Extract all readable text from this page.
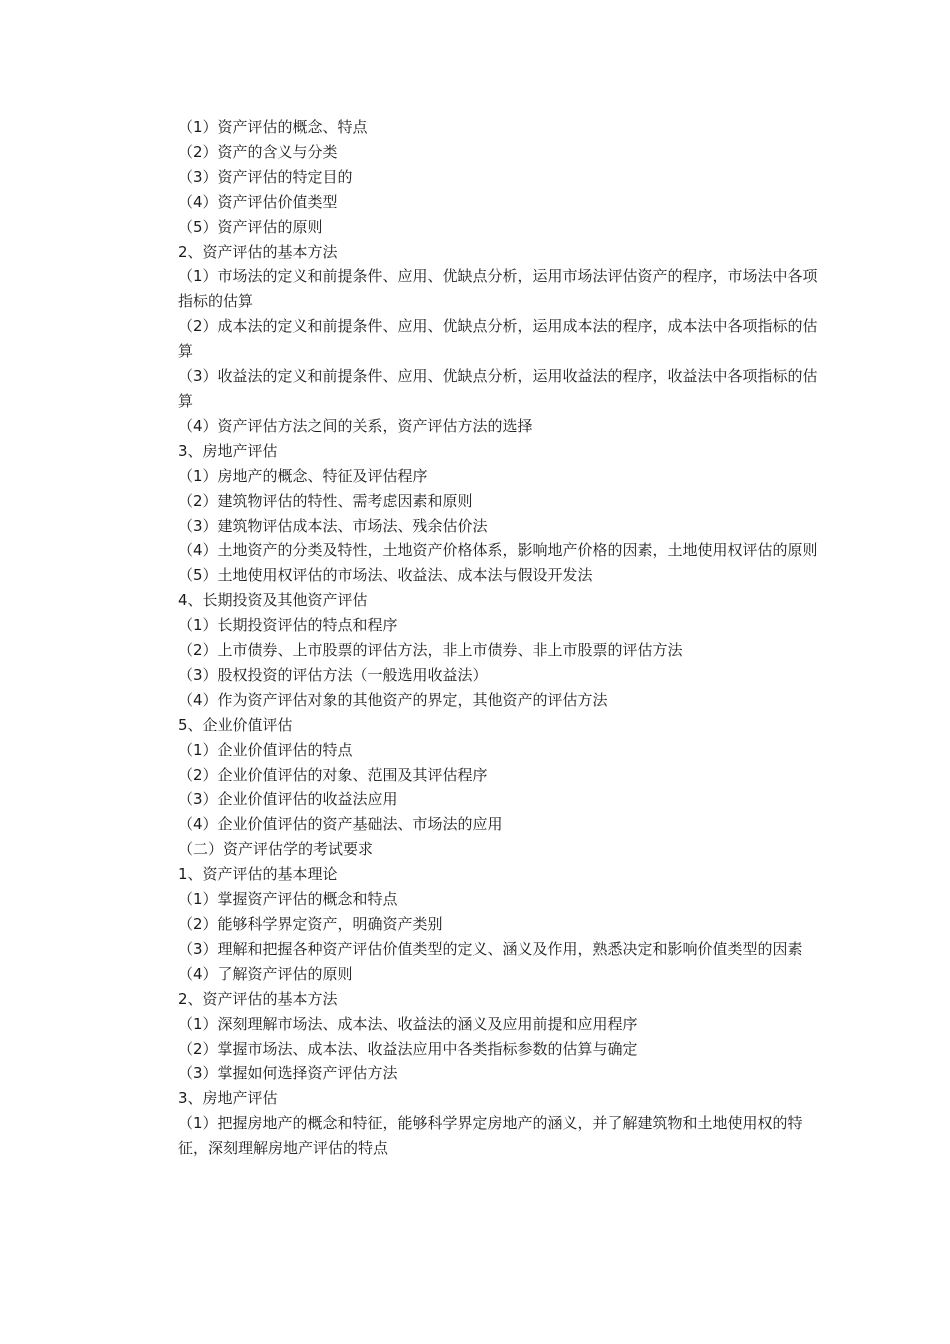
（1）资产评估的概念、特点

（2）资产的含义与分类

（3）资产评估的特定目的

（4）资产评估价值类型

（5）资产评估的原则

2、资产评估的基本方法

（1）市场法的定义和前提条件、应用、优缺点分析，运用市场法评估资产的程序，市场法中各项指标的估算

（2）成本法的定义和前提条件、应用、优缺点分析，运用成本法的程序，成本法中各项指标的估算

（3）收益法的定义和前提条件、应用、优缺点分析，运用收益法的程序，收益法中各项指标的估算

（4）资产评估方法之间的关系，资产评估方法的选择

3、房地产评估

（1）房地产的概念、特征及评估程序

（2）建筑物评估的特性、需考虑因素和原则

（3）建筑物评估成本法、市场法、残余估价法

（4）土地资产的分类及特性，土地资产价格体系，影响地产价格的因素，土地使用权评估的原则

（5）土地使用权评估的市场法、收益法、成本法与假设开发法

4、长期投资及其他资产评估

（1）长期投资评估的特点和程序

（2）上市债券、上市股票的评估方法，非上市债券、非上市股票的评估方法

（3）股权投资的评估方法（一般选用收益法）

（4）作为资产评估对象的其他资产的界定，其他资产的评估方法

5、企业价值评估

（1）企业价值评估的特点

（2）企业价值评估的对象、范围及其评估程序

（3）企业价值评估的收益法应用

（4）企业价值评估的资产基础法、市场法的应用

（二）资产评估学的考试要求

1、资产评估的基本理论

（1）掌握资产评估的概念和特点

（2）能够科学界定资产，明确资产类别

（3）理解和把握各种资产评估价值类型的定义、涵义及作用，熟悉决定和影响价值类型的因素

（4）了解资产评估的原则

2、资产评估的基本方法

（1）深刻理解市场法、成本法、收益法的涵义及应用前提和应用程序

（2）掌握市场法、成本法、收益法应用中各类指标参数的估算与确定

（3）掌握如何选择资产评估方法

3、房地产评估

（1）把握房地产的概念和特征，能够科学界定房地产的涵义，并了解建筑物和土地使用权的特征，深刻理解房地产评估的特点
